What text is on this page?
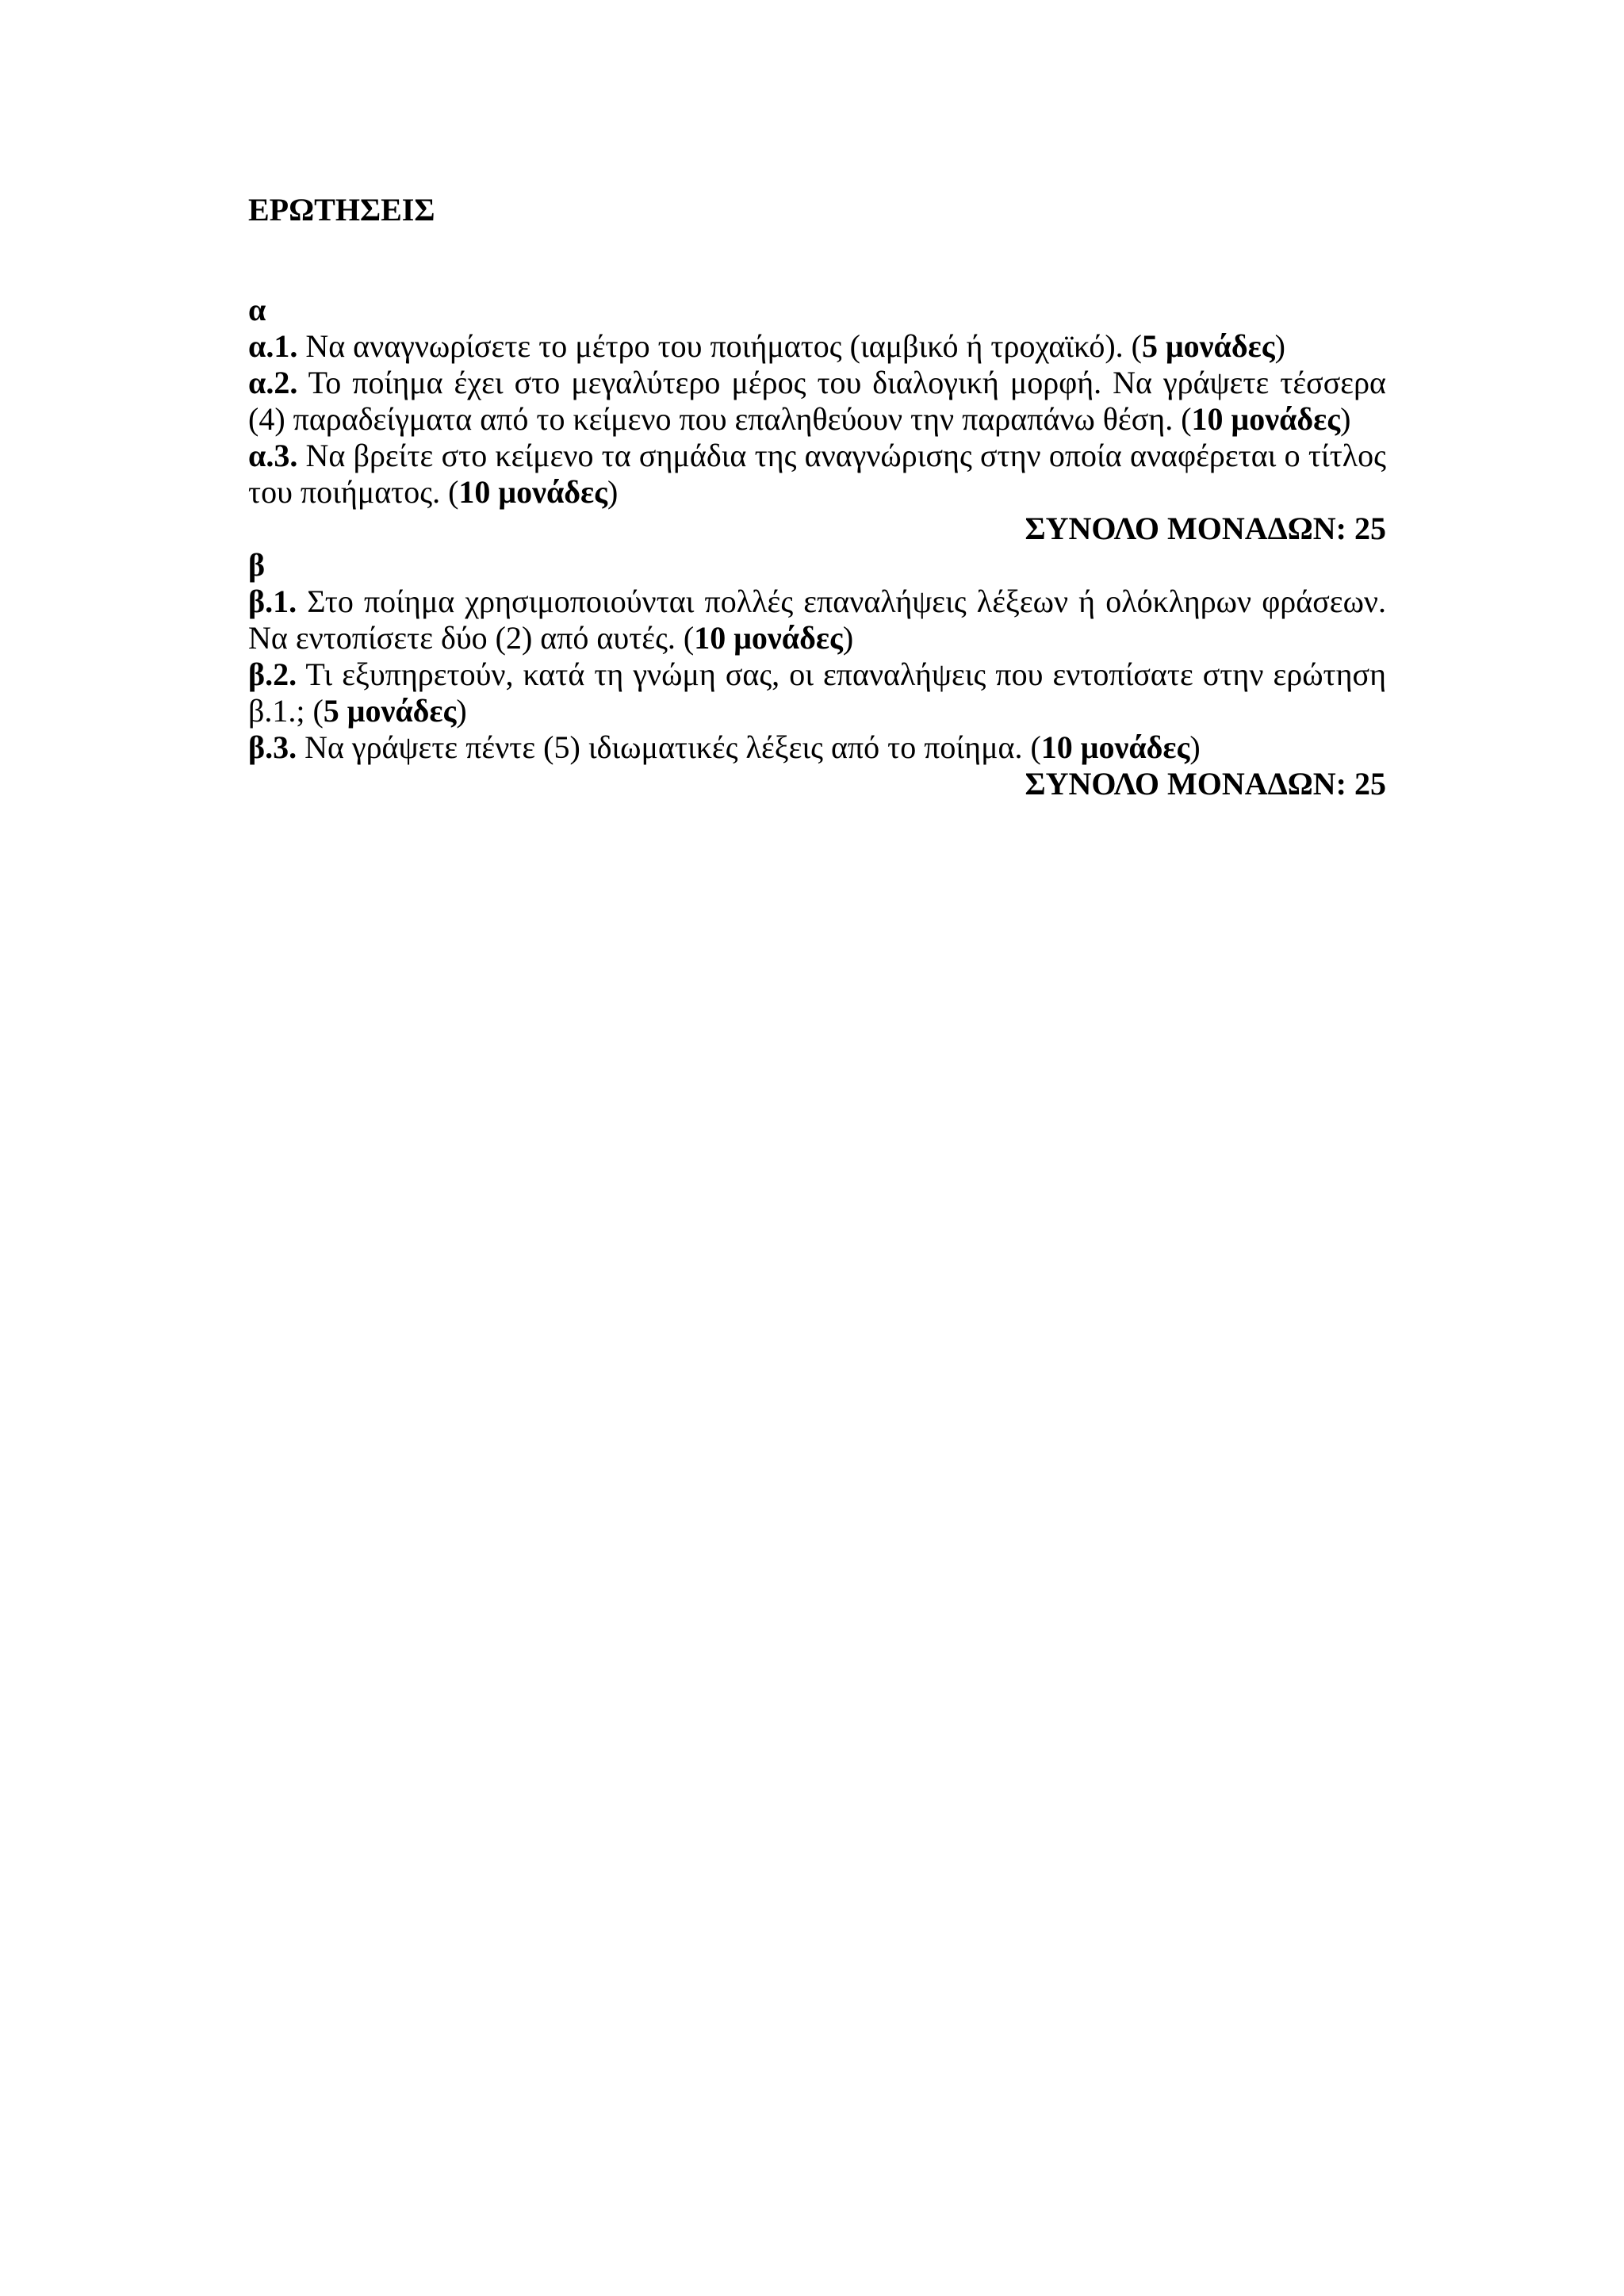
ΕΡΩΤΗΣΕΙΣ
α
α.1. Να αναγνωρίσετε το μέτρο του ποιήματος (ιαμβικό ή τροχαϊκό). (5 μονάδες)
α.2. Το ποίημα έχει στο μεγαλύτερο μέρος του διαλογική μορφή. Να γράψετε τέσσερα (4) παραδείγματα από το κείμενο που επαληθεύουν την παραπάνω θέση. (10 μονάδες)
α.3. Να βρείτε στο κείμενο τα σημάδια της αναγνώρισης στην οποία αναφέρεται ο τίτλος του ποιήματος. (10 μονάδες)
ΣΥΝΟΛΟ ΜΟΝΑΔΩΝ: 25
β
β.1. Στο ποίημα χρησιμοποιούνται πολλές επαναλήψεις λέξεων ή ολόκληρων φράσεων. Να εντοπίσετε δύο (2) από αυτές. (10 μονάδες)
β.2. Τι εξυπηρετούν, κατά τη γνώμη σας, οι επαναλήψεις που εντοπίσατε στην ερώτηση β.1.; (5 μονάδες)
β.3. Να γράψετε πέντε (5) ιδιωματικές λέξεις από το ποίημα. (10 μονάδες)
ΣΥΝΟΛΟ ΜΟΝΑΔΩΝ: 25
